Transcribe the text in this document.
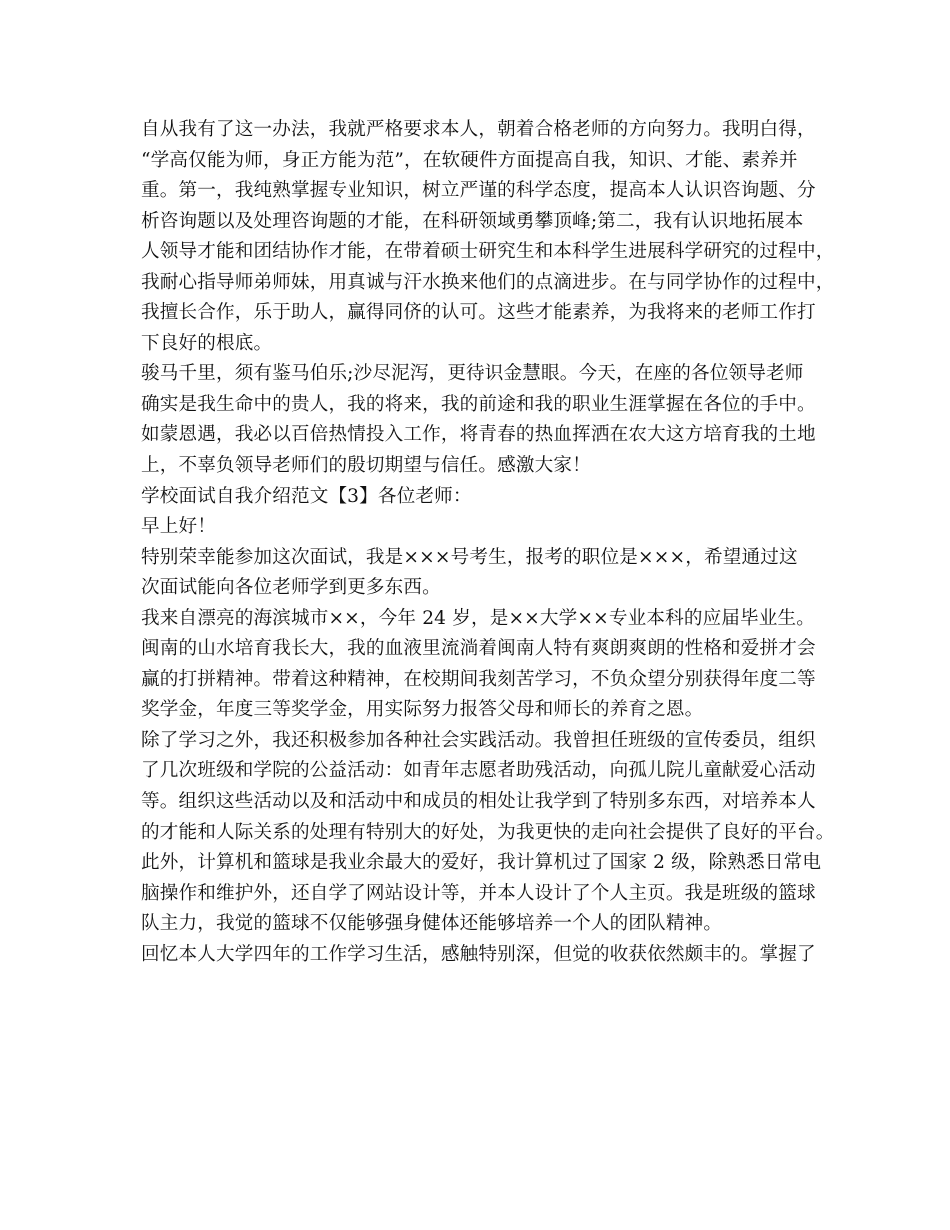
自从我有了这一办法，我就严格要求本人，朝着合格老师的方向努力。我明白得，
“学高仅能为师，身正方能为范”，在软硬件方面提高自我，知识、才能、素养并
重。第一，我纯熟掌握专业知识，树立严谨的科学态度，提高本人认识咨询题、分
析咨询题以及处理咨询题的才能，在科研领域勇攀顶峰;第二，我有认识地拓展本
人领导才能和团结协作才能，在带着硕士研究生和本科学生进展科学研究的过程中，
我耐心指导师弟师妹，用真诚与汗水换来他们的点滴进步。在与同学协作的过程中，
我擅长合作，乐于助人，赢得同侪的认可。这些才能素养，为我将来的老师工作打
下良好的根底。
骏马千里，须有鉴马伯乐;沙尽泥泻，更待识金慧眼。今天，在座的各位领导老师
确实是我生命中的贵人，我的将来，我的前途和我的职业生涯掌握在各位的手中。
如蒙恩遇，我必以百倍热情投入工作，将青春的热血挥洒在农大这方培育我的土地
上，不辜负领导老师们的殷切期望与信任。感激大家！
学校面试自我介绍范文【3】各位老师：
早上好！
特别荣幸能参加这次面试，我是×××号考生，报考的职位是×××，希望通过这
次面试能向各位老师学到更多东西。
我来自漂亮的海滨城市××，今年 24 岁，是××大学××专业本科的应届毕业生。
闽南的山水培育我长大，我的血液里流淌着闽南人特有爽朗爽朗的性格和爱拼才会
赢的打拼精神。带着这种精神，在校期间我刻苦学习，不负众望分别获得年度二等
奖学金，年度三等奖学金，用实际努力报答父母和师长的养育之恩。
除了学习之外，我还积极参加各种社会实践活动。我曾担任班级的宣传委员，组织
了几次班级和学院的公益活动：如青年志愿者助残活动，向孤儿院儿童献爱心活动
等。组织这些活动以及和活动中和成员的相处让我学到了特别多东西，对培养本人
的才能和人际关系的处理有特别大的好处，为我更快的走向社会提供了良好的平台。
此外，计算机和篮球是我业余最大的爱好，我计算机过了国家 2 级，除熟悉日常电
脑操作和维护外，还自学了网站设计等，并本人设计了个人主页。我是班级的篮球
队主力，我觉的篮球不仅能够强身健体还能够培养一个人的团队精神。
回忆本人大学四年的工作学习生活，感触特别深，但觉的收获依然颇丰的。掌握了
